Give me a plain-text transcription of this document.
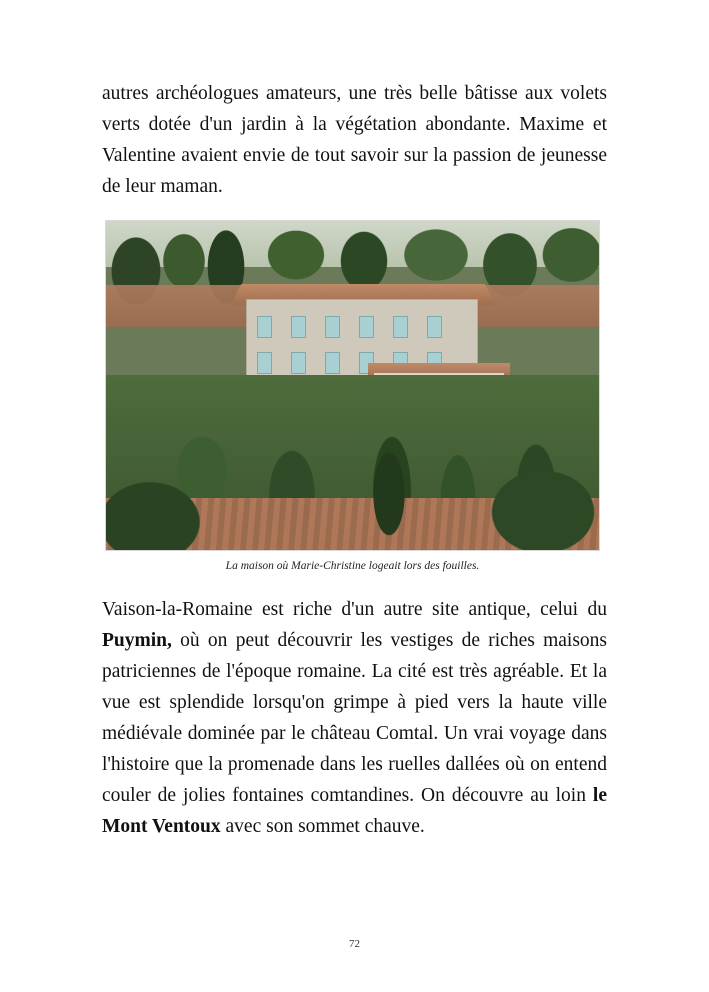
autres archéologues amateurs, une très belle bâtisse aux volets verts dotée d'un jardin à la végétation abondante. Maxime et Valentine avaient envie de tout savoir sur la passion de jeunesse de leur maman.

La maison où Marie-Christine logeait lors des fouilles.

Vaison-la-Romaine est riche d'un autre site antique, celui du Puymin, où on peut découvrir les vestiges de riches maisons patriciennes de l'époque romaine. La cité est très agréable. Et la vue est splendide lorsqu'on grimpe à pied vers la haute ville médiévale dominée par le château Comtal. Un vrai voyage dans l'histoire que la promenade dans les ruelles dallées où on entend couler de jolies fontaines comtandines. On découvre au loin le Mont Ventoux avec son sommet chauve.

72
